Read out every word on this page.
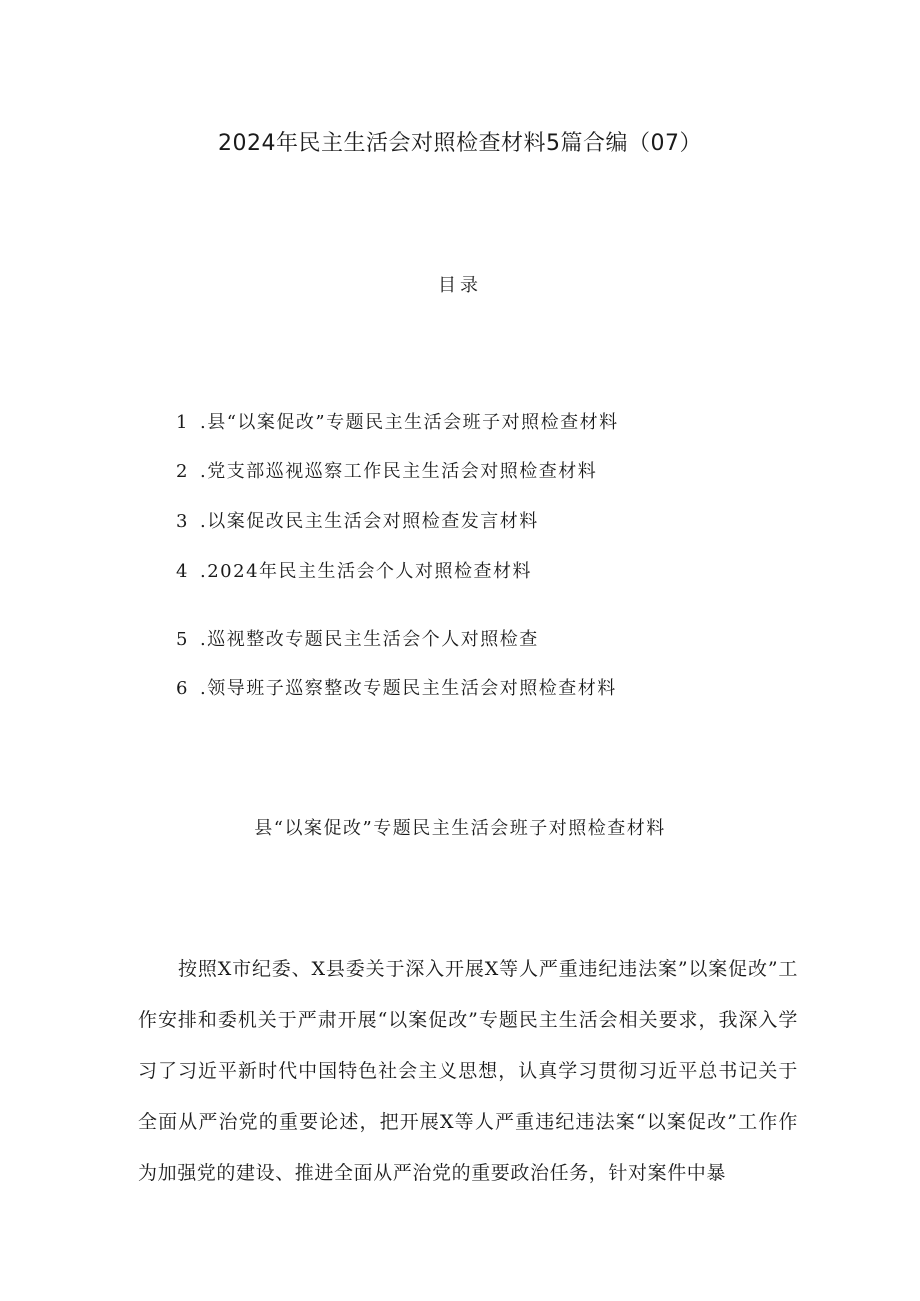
2024年民主生活会对照检查材料5篇合编（07）
目录
1 .县“以案促改”专题民主生活会班子对照检查材料
2 .党支部巡视巡察工作民主生活会对照检查材料
3 .以案促改民主生活会对照检查发言材料
4 .2024年民主生活会个人对照检查材料
5 .巡视整改专题民主生活会个人对照检查
6 .领导班子巡察整改专题民主生活会对照检查材料
县“以案促改”专题民主生活会班子对照检查材料

按照X市纪委、X县委关于深入开展X等人严重违纪违法案”以案促改”工作安排和委机关于严肃开展“以案促改”专题民主生活会相关要求，我深入学习了习近平新时代中国特色社会主义思想，认真学习贯彻习近平总书记关于全面从严治党的重要论述，把开展X等人严重违纪违法案“以案促改”工作作为加强党的建设、推进全面从严治党的重要政治任务，针对案件中暴
